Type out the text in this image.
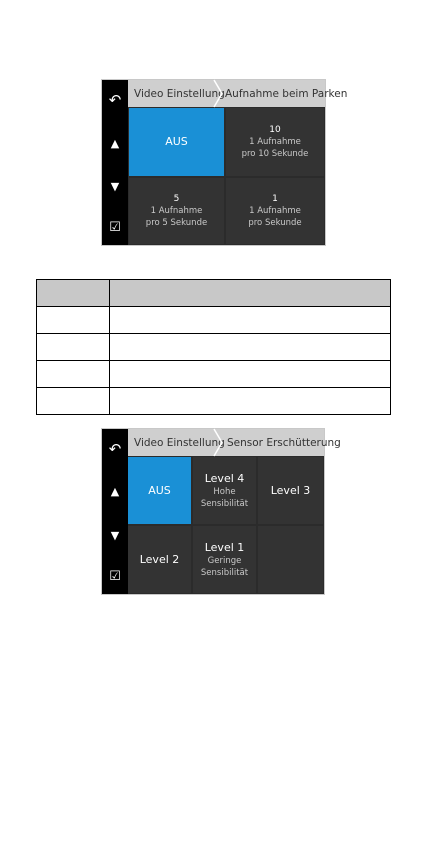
↶
▲
▼
☑
Video Einstellung Aufnahme beim Parken
AUS
10
1 Aufnahme
pro 10 Sekunde
5
1 Aufnahme
pro 5 Sekunde
1
1 Aufnahme
pro Sekunde

↶
▲
▼
☑
Video Einstellung Sensor Erschütterung
AUS
Level 4
Hohe
Sensibilität
Level 3
Level 2
Level 1
Geringe
Sensibilität
